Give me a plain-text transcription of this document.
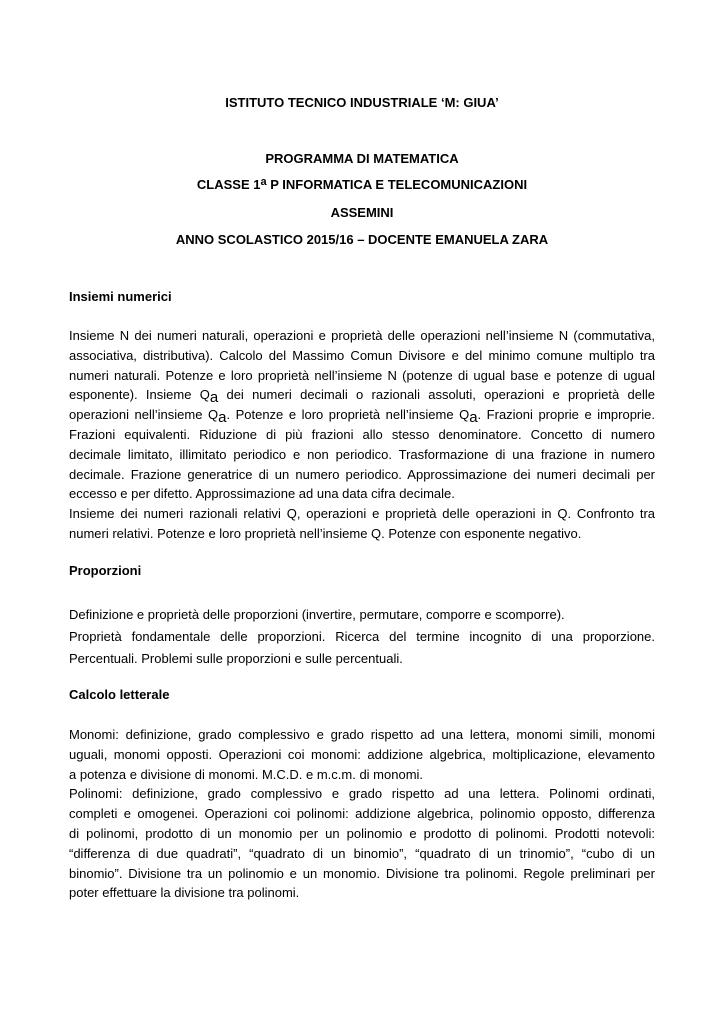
ISTITUTO TECNICO INDUSTRIALE ‘M: GIUA’
PROGRAMMA DI MATEMATICA
CLASSE 1$^a$ P INFORMATICA E TELECOMUNICAZIONI
ASSEMINI
ANNO SCOLASTICO 2015/16 – DOCENTE EMANUELA ZARA
Insiemi numerici
Insieme N dei numeri naturali, operazioni e proprietà delle operazioni nell’insieme N (commutativa,
associativa, distributiva). Calcolo del Massimo Comun Divisore e del minimo comune multiplo tra
numeri naturali. Potenze e loro proprietà nell’insieme N (potenze di ugual base e potenze di ugual
esponente). Insieme $Q_a$ dei numeri decimali o razionali assoluti, operazioni e proprietà delle
operazioni nell’insieme $Q_a$. Potenze e loro proprietà nell’insieme $Q_a$. Frazioni proprie e improprie.
Frazioni equivalenti. Riduzione di più frazioni allo stesso denominatore. Concetto di numero
decimale limitato, illimitato periodico e non periodico. Trasformazione di una frazione in numero
decimale. Frazione generatrice di un numero periodico. Approssimazione dei numeri decimali per
eccesso e per difetto. Approssimazione ad una data cifra decimale.
Insieme dei numeri razionali relativi Q, operazioni e proprietà delle operazioni in Q. Confronto tra
numeri relativi. Potenze e loro proprietà nell’insieme Q. Potenze con esponente negativo.
Proporzioni
Definizione e proprietà delle proporzioni (invertire, permutare, comporre e scomporre).
Proprietà fondamentale delle proporzioni. Ricerca del termine incognito di una proporzione.
Percentuali. Problemi sulle proporzioni e sulle percentuali.
Calcolo letterale
Monomi: definizione, grado complessivo e grado rispetto ad una lettera, monomi simili, monomi
uguali, monomi opposti. Operazioni coi monomi: addizione algebrica, moltiplicazione, elevamento
a potenza e divisione di monomi. M.C.D. e m.c.m. di monomi.
Polinomi: definizione, grado complessivo e grado rispetto ad una lettera. Polinomi ordinati,
completi e omogenei. Operazioni coi polinomi: addizione algebrica, polinomio opposto, differenza
di polinomi, prodotto di un monomio per un polinomio e prodotto di polinomi. Prodotti notevoli:
“differenza di due quadrati”, “quadrato di un binomio”, “quadrato di un trinomio”, “cubo di un
binomio”. Divisione tra un polinomio e un monomio. Divisione tra polinomi. Regole preliminari per
poter effettuare la divisione tra polinomi.
